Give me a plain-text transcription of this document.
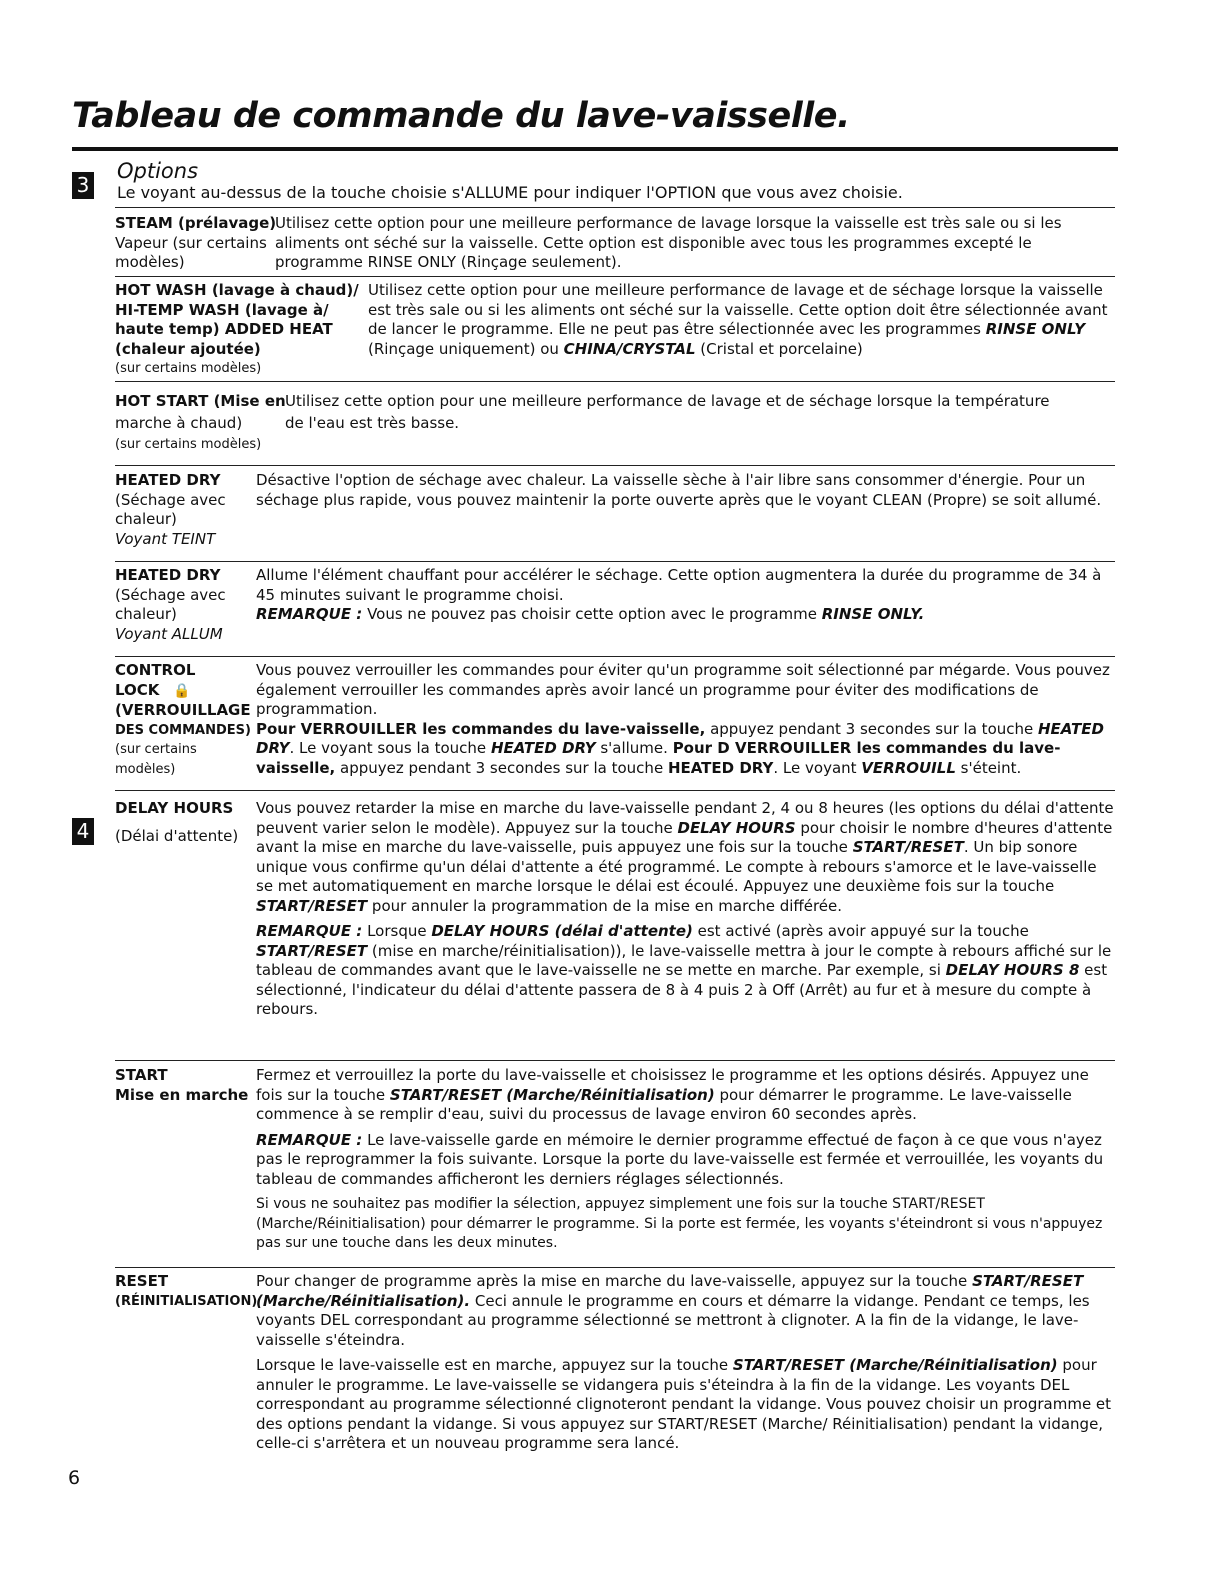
Tableau de commande du lave-vaisselle.
3
Options
Le voyant au-dessus de la touche choisie s'ALLUME pour indiquer l'OPTION que vous avez choisie.
STEAM (prélavage)
Vapeur (sur certains
modèles)
Utilisez cette option pour une meilleure performance de lavage lorsque la vaisselle est très sale ou si les aliments ont séché sur la vaisselle. Cette option est disponible avec tous les programmes excepté le programme RINSE ONLY (Rinçage seulement).
HOT WASH (lavage à chaud)/
HI-TEMP WASH (lavage à/
haute temp) ADDED HEAT
(chaleur ajoutée)
(sur certains modèles)
Utilisez cette option pour une meilleure performance de lavage et de séchage lorsque la vaisselle est très sale ou si les aliments ont séché sur la vaisselle. Cette option doit être sélectionnée avant de lancer le programme. Elle ne peut pas être sélectionnée avec les programmes RINSE ONLY (Rinçage uniquement) ou CHINA/CRYSTAL (Cristal et porcelaine)
HOT START (Mise en
marche à chaud)
(sur certains modèles)
Utilisez cette option pour une meilleure performance de lavage et de séchage lorsque la température de l'eau est très basse.
HEATED DRY
(Séchage avec
chaleur)
Voyant TEINT
Désactive l'option de séchage avec chaleur. La vaisselle sèche à l'air libre sans consommer d'énergie. Pour un séchage plus rapide, vous pouvez maintenir la porte ouverte après que le voyant CLEAN (Propre) se soit allumé.
HEATED DRY
(Séchage avec
chaleur)
Voyant ALLUM

Allume l'élément chauffant pour accélérer le séchage. Cette option augmentera la durée du programme de 34 à 45 minutes suivant le programme choisi.

REMARQUE : Vous ne pouvez pas choisir cette option avec le programme RINSE ONLY.

CONTROL
LOCK 🔒
(VERROUILLAGE
DES COMMANDES)
(sur certains
modèles)
Vous pouvez verrouiller les commandes pour éviter qu'un programme soit sélectionné par mégarde. Vous pouvez également verrouiller les commandes après avoir lancé un programme pour éviter des modifications de programmation.
Pour VERROUILLER les commandes du lave-vaisselle, appuyez pendant 3 secondes sur la touche HEATED DRY. Le voyant sous la touche HEATED DRY s'allume. Pour D VERROUILLER les commandes du lave-vaisselle, appuyez pendant 3 secondes sur la touche HEATED DRY. Le voyant VERROUILL s'éteint.
4
DELAY HOURS
(Délai d'attente)

Vous pouvez retarder la mise en marche du lave-vaisselle pendant 2, 4 ou 8 heures (les options du délai d'attente peuvent varier selon le modèle). Appuyez sur la touche DELAY HOURS pour choisir le nombre d'heures d'attente avant la mise en marche du lave-vaisselle, puis appuyez une fois sur la touche START/RESET. Un bip sonore unique vous confirme qu'un délai d'attente a été programmé. Le compte à rebours s'amorce et le lave-vaisselle se met automatiquement en marche lorsque le délai est écoulé. Appuyez une deuxième fois sur la touche START/RESET pour annuler la programmation de la mise en marche différée.

REMARQUE : Lorsque DELAY HOURS (délai d'attente) est activé (après avoir appuyé sur la touche START/RESET (mise en marche/réinitialisation)), le lave-vaisselle mettra à jour le compte à rebours affiché sur le tableau de commandes avant que le lave-vaisselle ne se mette en marche. Par exemple, si DELAY HOURS 8 est sélectionné, l'indicateur du délai d'attente passera de 8 à 4 puis 2 à Off (Arrêt) au fur et à mesure du compte à rebours.

START
Mise en marche

Fermez et verrouillez la porte du lave-vaisselle et choisissez le programme et les options désirés. Appuyez une fois sur la touche START/RESET (Marche/Réinitialisation) pour démarrer le programme. Le lave-vaisselle commence à se remplir d'eau, suivi du processus de lavage environ 60 secondes après.

REMARQUE : Le lave-vaisselle garde en mémoire le dernier programme effectué de façon à ce que vous n'ayez pas le reprogrammer la fois suivante. Lorsque la porte du lave-vaisselle est fermée et verrouillée, les voyants du tableau de commandes afficheront les derniers réglages sélectionnés.

Si vous ne souhaitez pas modifier la sélection, appuyez simplement une fois sur la touche START/RESET (Marche/Réinitialisation) pour démarrer le programme. Si la porte est fermée, les voyants s'éteindront si vous n'appuyez pas sur une touche dans les deux minutes.

RESET
(RÉINITIALISATION)

Pour changer de programme après la mise en marche du lave-vaisselle, appuyez sur la touche START/RESET (Marche/Réinitialisation). Ceci annule le programme en cours et démarre la vidange. Pendant ce temps, les voyants DEL correspondant au programme sélectionné se mettront à clignoter. A la fin de la vidange, le lave-vaisselle s'éteindra.

Lorsque le lave-vaisselle est en marche, appuyez sur la touche START/RESET (Marche/Réinitialisation) pour annuler le programme. Le lave-vaisselle se vidangera puis s'éteindra à la fin de la vidange. Les voyants DEL correspondant au programme sélectionné clignoteront pendant la vidange. Vous pouvez choisir un programme et des options pendant la vidange. Si vous appuyez sur START/RESET (Marche/ Réinitialisation) pendant la vidange, celle-ci s'arrêtera et un nouveau programme sera lancé.

6
